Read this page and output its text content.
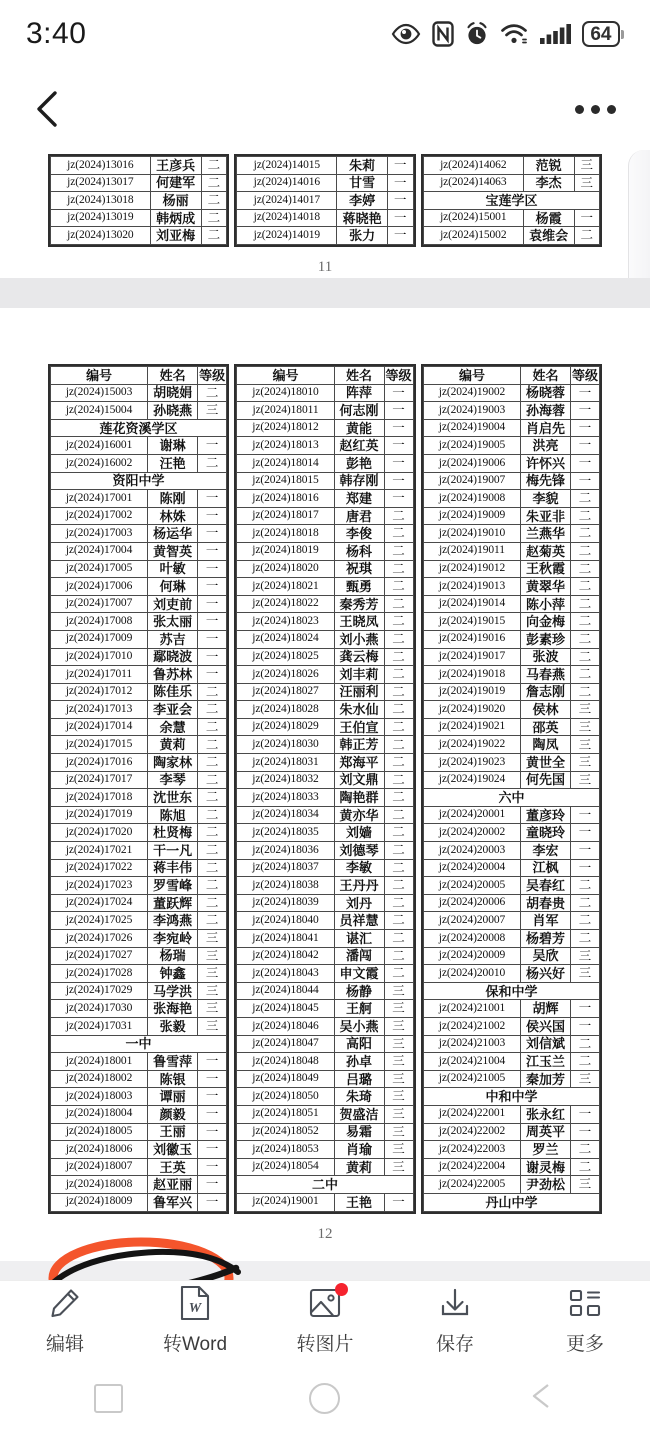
3:40	64
jz(2024)13016	王彦兵	二
jz(2024)13017	何建军	二
jz(2024)13018	杨丽	二
jz(2024)13019	韩炳成	二
jz(2024)13020	刘亚梅	二
jz(2024)14015	朱莉	一
jz(2024)14016	甘雪	一
jz(2024)14017	李婷	一
jz(2024)14018	蒋晓艳	一
jz(2024)14019	张力	一
jz(2024)14062	范锐	三
jz(2024)14063	李杰	三
宝莲学区		
jz(2024)15001	杨霞	一
jz(2024)15002	袁维会	二
11
编号	姓名	等级
jz(2024)15003	胡晓娟	二
jz(2024)15004	孙晓燕	三
莲花资溪学区		
jz(2024)16001	谢琳	一
jz(2024)16002	汪艳	二
资阳中学		
jz(2024)17001	陈刚	一
jz(2024)17002	林姝	一
jz(2024)17003	杨运华	一
jz(2024)17004	黄智英	一
jz(2024)17005	叶敏	一
jz(2024)17006	何琳	一
jz(2024)17007	刘吏前	一
jz(2024)17008	张太丽	一
jz(2024)17009	苏吉	一
jz(2024)17010	鄢晓波	一
jz(2024)17011	鲁苏林	一
jz(2024)17012	陈佳乐	二
jz(2024)17013	李亚会	二
jz(2024)17014	余慧	二
jz(2024)17015	黄莉	二
jz(2024)17016	陶家林	二
jz(2024)17017	李琴	二
jz(2024)17018	沈世东	二
jz(2024)17019	陈旭	二
jz(2024)17020	杜贤梅	二
jz(2024)17021	干一凡	二
jz(2024)17022	蒋丰伟	二
jz(2024)17023	罗雪峰	二
jz(2024)17024	董跃辉	二
jz(2024)17025	李鸿燕	二
jz(2024)17026	李宛岭	三
jz(2024)17027	杨瑞	三
jz(2024)17028	钟鑫	三
jz(2024)17029	马学洪	三
jz(2024)17030	张海艳	三
jz(2024)17031	张毅	三
一中		
jz(2024)18001	鲁雪萍	一
jz(2024)18002	陈银	一
jz(2024)18003	谭丽	一
jz(2024)18004	颜毅	一
jz(2024)18005	王丽	一
jz(2024)18006	刘徽玉	一
jz(2024)18007	王英	一
jz(2024)18008	赵亚丽	一
jz(2024)18009	鲁军兴	一
编号	姓名	等级
jz(2024)18010	阵萍	一
jz(2024)18011	何志刚	一
jz(2024)18012	黄能	一
jz(2024)18013	赵红英	一
jz(2024)18014	彭艳	一
jz(2024)18015	韩存刚	一
jz(2024)18016	郑建	一
jz(2024)18017	唐君	二
jz(2024)18018	李俊	二
jz(2024)18019	杨科	二
jz(2024)18020	祝琪	二
jz(2024)18021	甄勇	二
jz(2024)18022	秦秀芳	二
jz(2024)18023	王晓凤	二
jz(2024)18024	刘小燕	二
jz(2024)18025	龚云梅	二
jz(2024)18026	刘丰莉	二
jz(2024)18027	汪丽利	二
jz(2024)18028	朱水仙	二
jz(2024)18029	王伯宣	二
jz(2024)18030	韩正芳	二
jz(2024)18031	郑海平	二
jz(2024)18032	刘文鼎	二
jz(2024)18033	陶艳群	二
jz(2024)18034	黄亦华	二
jz(2024)18035	刘嫱	二
jz(2024)18036	刘德琴	二
jz(2024)18037	李敏	二
jz(2024)18038	王丹丹	二
jz(2024)18039	刘丹	二
jz(2024)18040	员祥慧	二
jz(2024)18041	谌汇	二
jz(2024)18042	潘闯	二
jz(2024)18043	申文霞	二
jz(2024)18044	杨静	三
jz(2024)18045	王舸	三
jz(2024)18046	吴小燕	三
jz(2024)18047	高阳	三
jz(2024)18048	孙卓	三
jz(2024)18049	吕璐	三
jz(2024)18050	朱琦	三
jz(2024)18051	贺盛洁	三
jz(2024)18052	易霜	三
jz(2024)18053	肖瑜	三
jz(2024)18054	黄莉	三
二中		
jz(2024)19001	王艳	一
编号	姓名	等级
jz(2024)19002	杨晓蓉	一
jz(2024)19003	孙海蓉	一
jz(2024)19004	肖启先	一
jz(2024)19005	洪亮	一
jz(2024)19006	许怀兴	一
jz(2024)19007	梅先锋	一
jz(2024)19008	李貌	二
jz(2024)19009	朱亚非	二
jz(2024)19010	兰燕华	二
jz(2024)19011	赵菊英	二
jz(2024)19012	王秋霞	二
jz(2024)19013	黄翠华	二
jz(2024)19014	陈小萍	二
jz(2024)19015	向金梅	二
jz(2024)19016	彭素珍	二
jz(2024)19017	张波	二
jz(2024)19018	马春燕	二
jz(2024)19019	詹志刚	二
jz(2024)19020	侯林	三
jz(2024)19021	邵英	三
jz(2024)19022	陶凤	三
jz(2024)19023	黄世全	三
jz(2024)19024	何先国	三
六中		
jz(2024)20001	董彦玲	一
jz(2024)20002	童晓玲	一
jz(2024)20003	李宏	一
jz(2024)20004	江枫	一
jz(2024)20005	吴春红	二
jz(2024)20006	胡春贵	二
jz(2024)20007	肖军	二
jz(2024)20008	杨碧芳	二
jz(2024)20009	吴欣	三
jz(2024)20010	杨兴好	三
保和中学		
jz(2024)21001	胡辉	一
jz(2024)21002	侯兴国	一
jz(2024)21003	刘信斌	二
jz(2024)21004	江玉兰	二
jz(2024)21005	秦加芳	三
中和中学		
jz(2024)22001	张永红	一
jz(2024)22002	周英平	一
jz(2024)22003	罗兰	二
jz(2024)22004	谢灵梅	二
jz(2024)22005	尹劲松	三
丹山中学		
12
编辑
W
转Word	转图片	保存	更多
